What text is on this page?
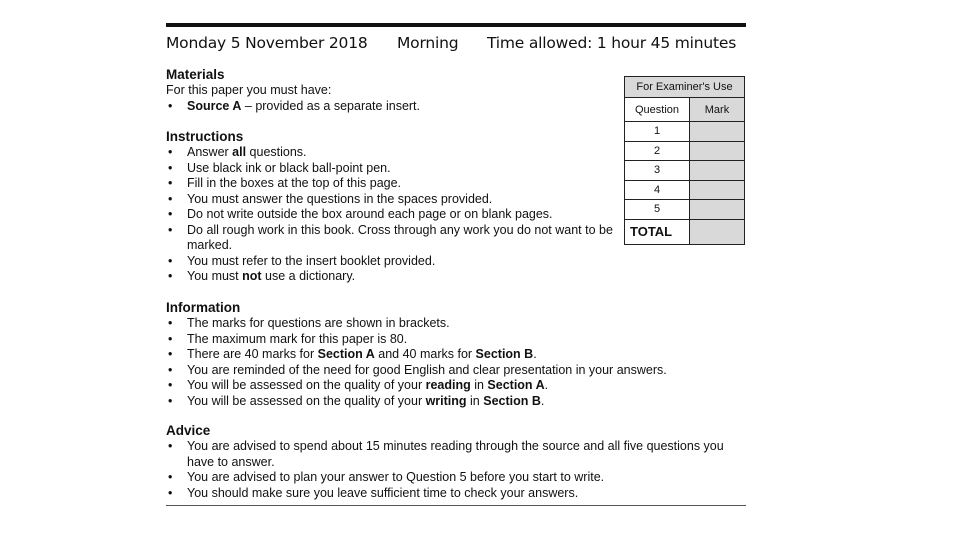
Monday 5 November 2018 Morning Time allowed: 1 hour 45 minutes
Materials

For this paper you must have:

• Source A – provided as a separate insert.
Instructions
• Answer all questions.
• Use black ink or black ball-point pen.
• Fill in the boxes at the top of this page.
• You must answer the questions in the spaces provided.
• Do not write outside the box around each page or on blank pages.
• Do all rough work in this book. Cross through any work you do not want to be marked.
• You must refer to the insert booklet provided.
• You must not use a dictionary.
For Examiner's Use	
Question	Mark
1	
2	
3	
4	
5	
TOTAL	
Information
• The marks for questions are shown in brackets.
• The maximum mark for this paper is 80.
• There are 40 marks for Section A and 40 marks for Section B.
• You are reminded of the need for good English and clear presentation in your answers.
• You will be assessed on the quality of your reading in Section A.
• You will be assessed on the quality of your writing in Section B.
Advice
• You are advised to spend about 15 minutes reading through the source and all five questions you have to answer.
• You are advised to plan your answer to Question 5 before you start to write.
• You should make sure you leave sufficient time to check your answers.
